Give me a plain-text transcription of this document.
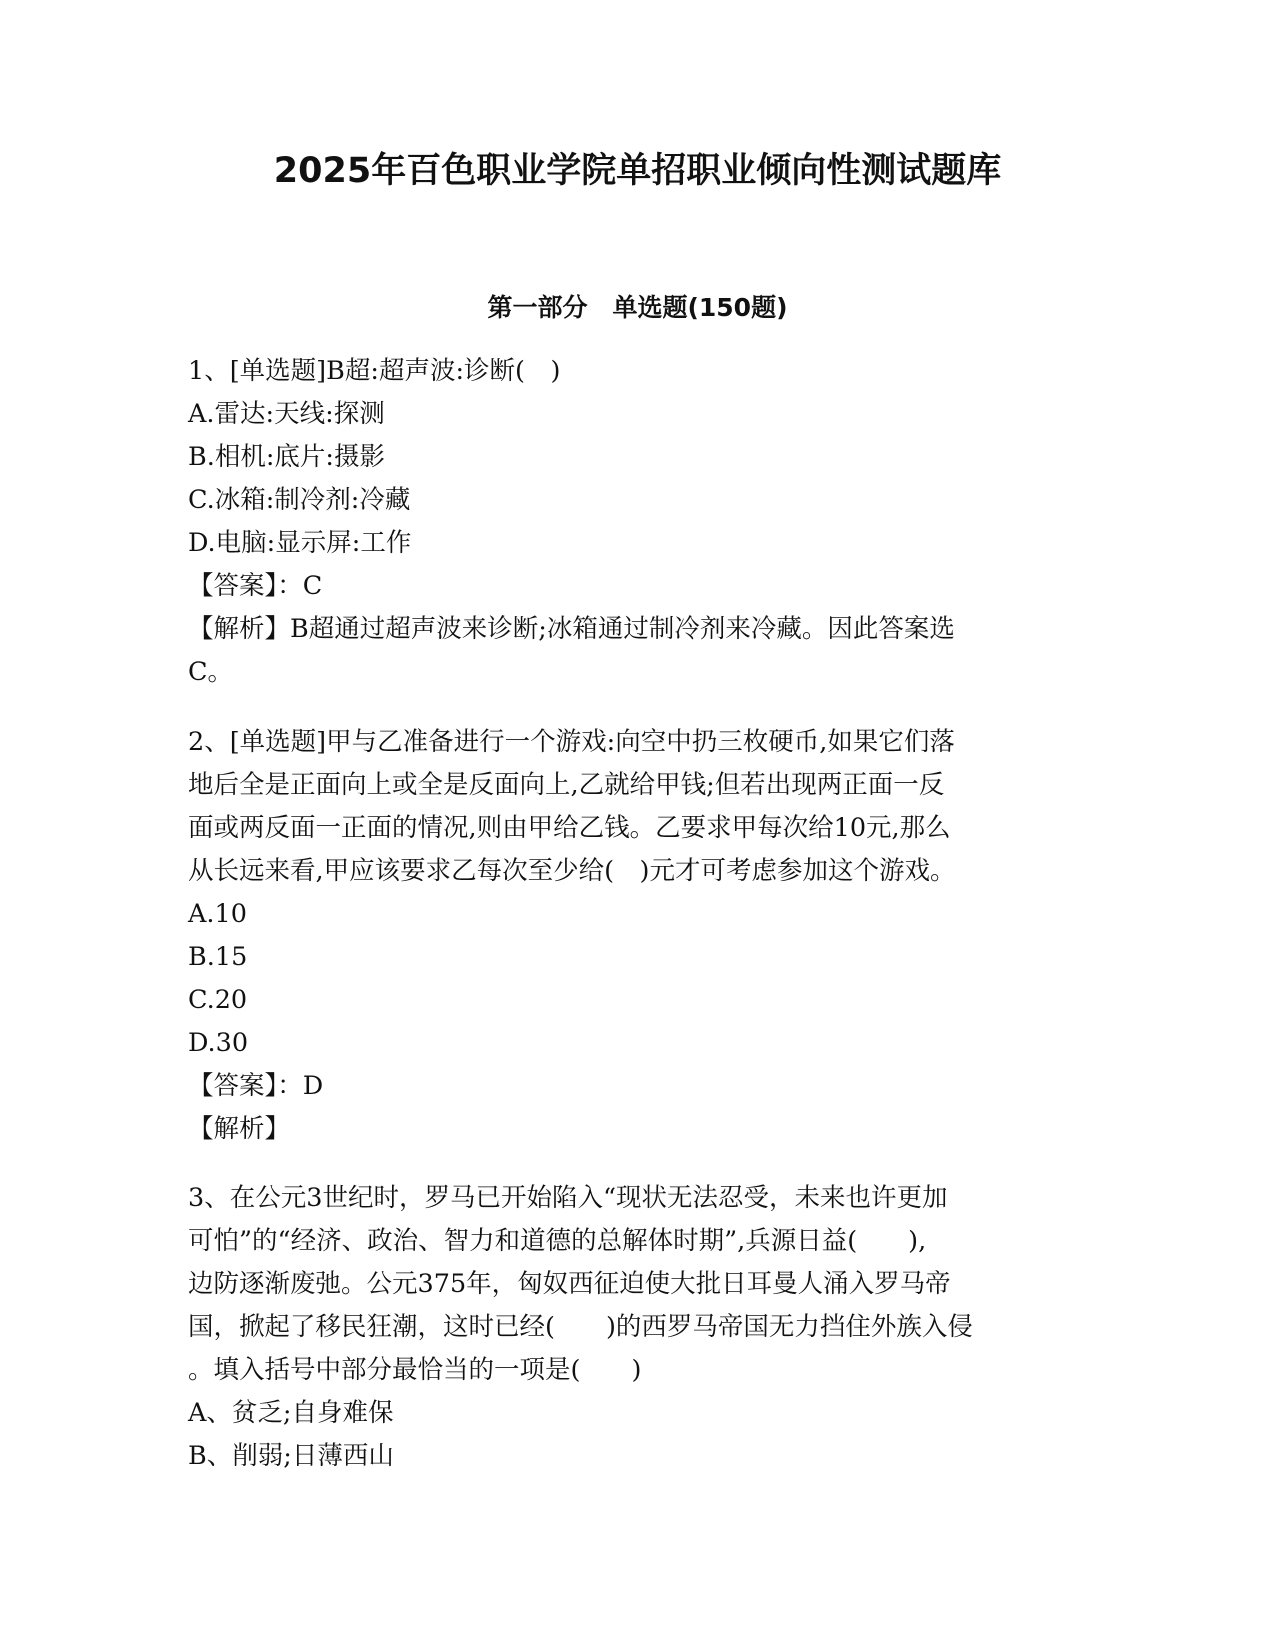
2025年百色职业学院单招职业倾向性测试题库
第一部分　单选题(150题)
1、[单选题]B超:超声波:诊断(　)
A.雷达:天线:探测
B.相机:底片:摄影
C.冰箱:制冷剂:冷藏
D.电脑:显示屏:工作
【答案】：C
【解析】B超通过超声波来诊断;冰箱通过制冷剂来冷藏。因此答案选
C。
2、[单选题]甲与乙准备进行一个游戏:向空中扔三枚硬币,如果它们落
地后全是正面向上或全是反面向上,乙就给甲钱;但若出现两正面一反
面或两反面一正面的情况,则由甲给乙钱。乙要求甲每次给10元,那么
从长远来看,甲应该要求乙每次至少给(　)元才可考虑参加这个游戏。
A.10
B.15
C.20
D.30
【答案】：D
【解析】
3、在公元3世纪时，罗马已开始陷入“现状无法忍受，未来也许更加
可怕”的“经济、政治、智力和道德的总解体时期”,兵源日益(　　),
边防逐渐废弛。公元375年，匈奴西征迫使大批日耳曼人涌入罗马帝
国，掀起了移民狂潮，这时已经(　　)的西罗马帝国无力挡住外族入侵
。填入括号中部分最恰当的一项是(　　)
A、贫乏;自身难保
B、削弱;日薄西山
